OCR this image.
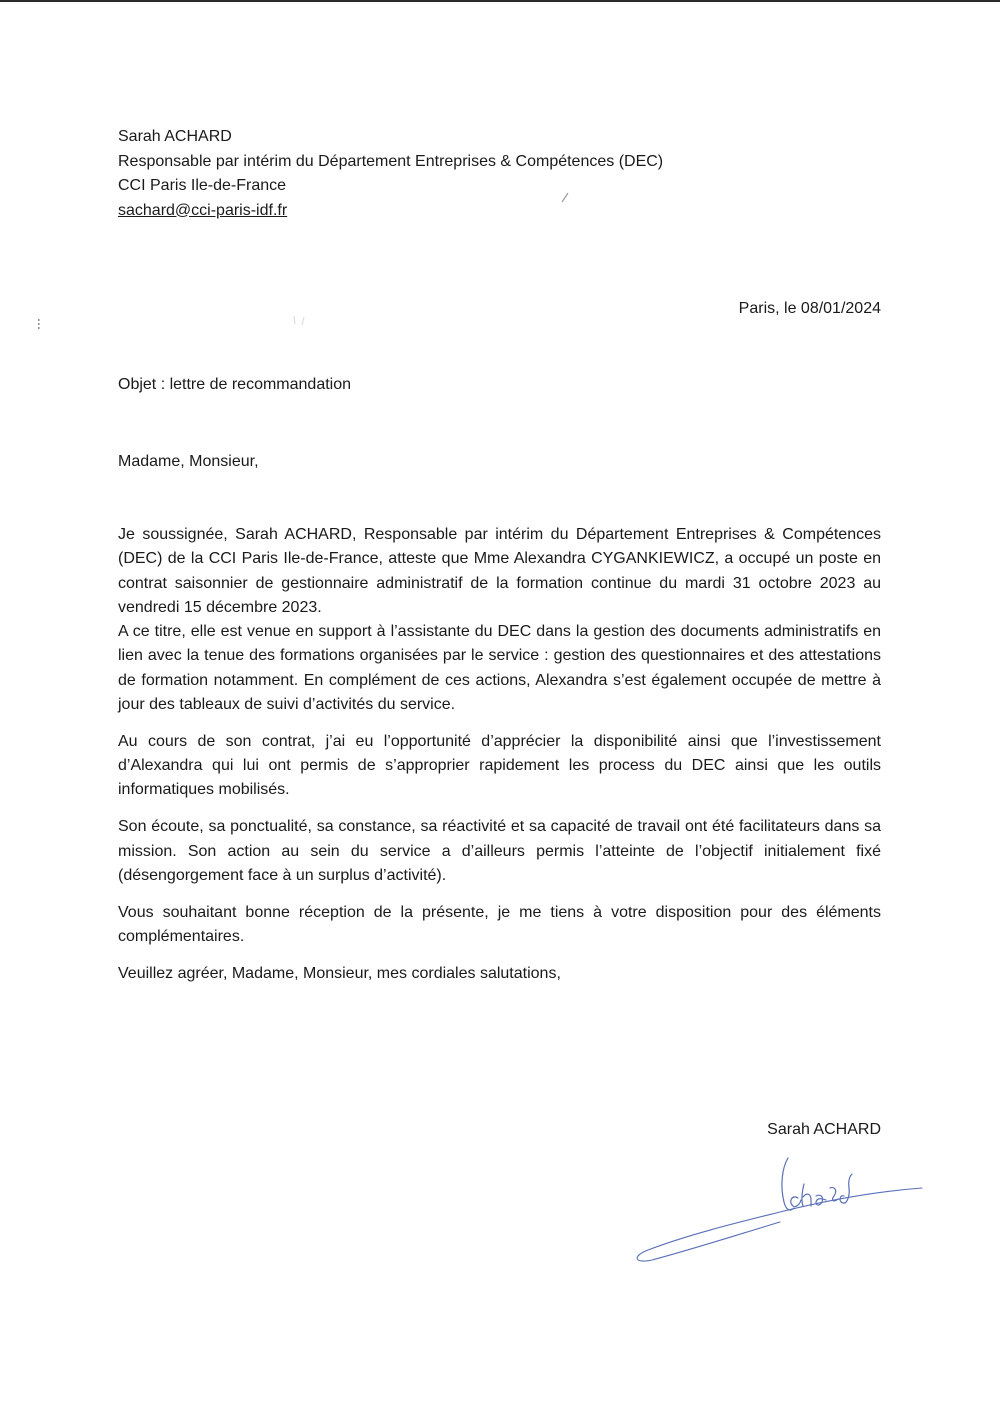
Sarah ACHARD
Responsable par intérim du Département Entreprises & Compétences (DEC)
CCI Paris Ile-de-France
sachard@cci-paris-idf.fr
Paris, le 08/01/2024
Objet : lettre de recommandation
Madame, Monsieur,

Je soussignée, Sarah ACHARD, Responsable par intérim du Département Entreprises & Compétences (DEC) de la CCI Paris Ile-de-France, atteste que Mme Alexandra CYGANKIEWICZ, a occupé un poste en contrat saisonnier de gestionnaire administratif de la formation continue du mardi 31 octobre 2023 au vendredi 15 décembre 2023.

A ce titre, elle est venue en support à l’assistante du DEC dans la gestion des documents administratifs en lien avec la tenue des formations organisées par le service : gestion des questionnaires et des attestations de formation notamment. En complément de ces actions, Alexandra s’est également occupée de mettre à jour des tableaux de suivi d’activités du service.

Au cours de son contrat, j’ai eu l’opportunité d’apprécier la disponibilité ainsi que l’investissement d’Alexandra qui lui ont permis de s’approprier rapidement les process du DEC ainsi que les outils informatiques mobilisés.

Son écoute, sa ponctualité, sa constance, sa réactivité et sa capacité de travail ont été facilitateurs dans sa mission. Son action au sein du service a d’ailleurs permis l’atteinte de l’objectif initialement fixé (désengorgement face à un surplus d’activité).

Vous souhaitant bonne réception de la présente, je me tiens à votre disposition pour des éléments complémentaires.

Veuillez agréer, Madame, Monsieur, mes cordiales salutations,

Sarah ACHARD
